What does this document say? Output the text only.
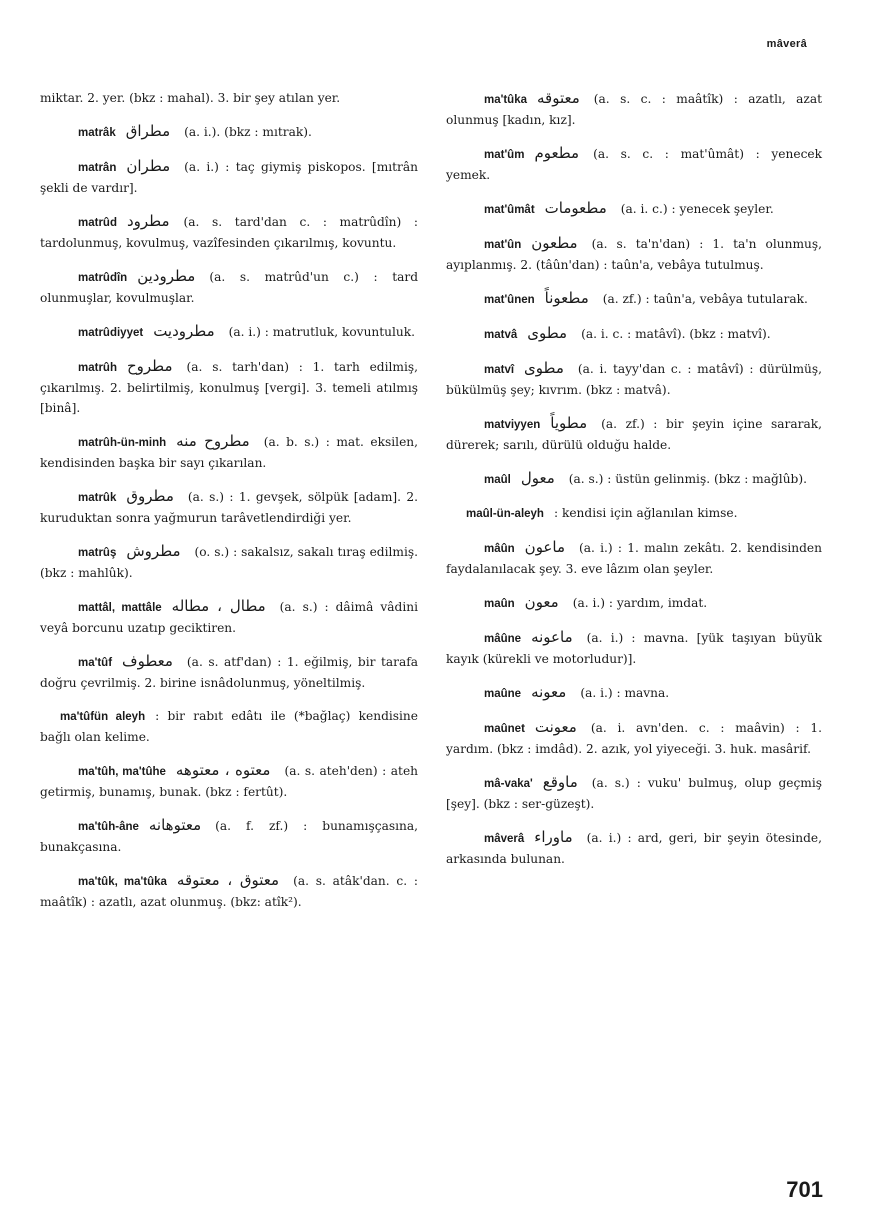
mâverâ
miktar. 2. yer. (bkz : mahal). 3. bir şey atılan yer.
matrâk مطراق (a. i.). (bkz : mıtrak).
matrân مطران (a. i.) : taç giymiş piskopos. [mıtrân şekli de vardır].
matrûd مطرود (a. s. tard'dan c. : matrûdîn) : tardolunmuş, kovulmuş, vazîfesinden çıkarılmış, kovuntu.
matrûdîn مطرودين (a. s. matrûd'un c.) : tard olunmuşlar, kovulmuşlar.
matrûdiyyet مطروديت (a. i.) : matrutluk, kovuntuluk.
matrûh مطروح (a. s. tarh'dan) : 1. tarh edilmiş, çıkarılmış. 2. belirtilmiş, konulmuş [vergi]. 3. temeli atılmış [binâ].
matrûh-ün-minh مطروح منه (a. b. s.) : mat. eksilen, kendisinden başka bir sayı çıkarılan.
matrûk مطروق (a. s.) : 1. gevşek, sölpük [adam]. 2. kuruduktan sonra yağmurun tarâvetlendirdiği yer.
matrûş مطروش (o. s.) : sakalsız, sakalı tıraş edilmiş. (bkz : mahlûk).
mattâl, mattâle مطال ، مطاله (a. s.) : dâimâ vâdini veyâ borcunu uzatıp geciktiren.
ma'tûf معطوف (a. s. atf'dan) : 1. eğilmiş, bir tarafa doğru çevrilmiş. 2. birine isnâdolunmuş, yöneltilmiş.
ma'tûfün aleyh : bir rabıt edâtı ile (*bağlaç) kendisine bağlı olan kelime.
ma'tûh, ma'tûhe معتوه ، معتوهه (a. s. ateh'den) : ateh getirmiş, bunamış, bunak. (bkz : fertût).
ma'tûh-âne معتوهانه (a. f. zf.) : bunamışçasına, bunakçasına.
ma'tûk, ma'tûka معتوق ، معتوقه (a. s. atâk'dan. c. : maâtîk) : azatlı, azat olunmuş. (bkz: atîk²).
ma'tûka معتوقه (a. s. c. : maâtîk) : azatlı, azat olunmuş [kadın, kız].
mat'ûm مطعوم (a. s. c. : mat'ûmât) : yenecek yemek.
mat'ûmât مطعومات (a. i. c.) : yenecek şeyler.
mat'ûn مطعون (a. s. ta'n'dan) : 1. ta'n olunmuş, ayıplanmış. 2. (tâûn'dan) : taûn'a, vebâya tutulmuş.
mat'ûnen مطعوناً (a. zf.) : taûn'a, vebâya tutularak.
matvâ مطوى (a. i. c. : matâvî). (bkz : matvî).
matvî مطوى (a. i. tayy'dan c. : matâvî) : dürülmüş, bükülmüş şey; kıvrım. (bkz : matvâ).
matviyyen مطوياً (a. zf.) : bir şeyin içine sararak, dürerek; sarılı, dürülü olduğu halde.
maûl معول (a. s.) : üstün gelinmiş. (bkz : mağlûb).
maûl-ün-aleyh : kendisi için ağlanılan kimse.
mâûn ماعون (a. i.) : 1. malın zekâtı. 2. kendisinden faydalanılacak şey. 3. eve lâzım olan şeyler.
maûn معون (a. i.) : yardım, imdat.
mâûne ماعونه (a. i.) : mavna. [yük taşıyan büyük kayık (kürekli ve motorludur)].
maûne معونه (a. i.) : mavna.
maûnet معونت (a. i. avn'den. c. : maâvin) : 1. yardım. (bkz : imdâd). 2. azık, yol yiyeceği. 3. huk. masârif.
mâ-vaka' ماوقع (a. s.) : vuku' bulmuş, olup geçmiş [şey]. (bkz : ser-güzeşt).
mâverâ ماوراء (a. i.) : ard, geri, bir şeyin ötesinde, arkasında bulunan.
701
